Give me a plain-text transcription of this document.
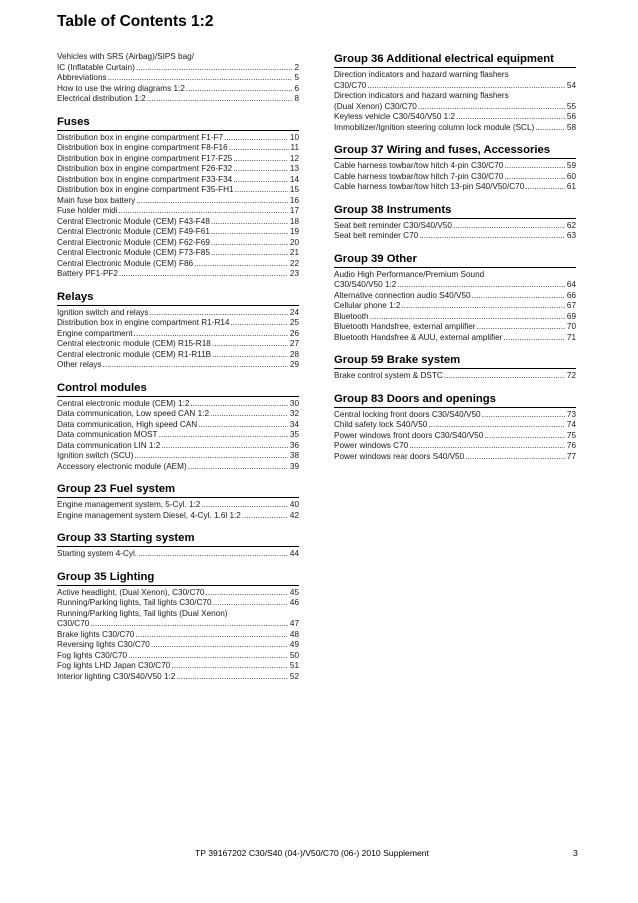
Table of Contents 1:2
Vehicles with SRS (Airbag)/SIPS bag/
IC (Inflatable Curtain) .....	2
Abbreviations .....	5
How to use the wiring diagrams 1:2 .....	6
Electrical distribution 1:2 .....	8
Fuses
Distribution box in engine compartment F1-F7 .....	10
Distribution box in engine compartment F8-F16 .....	11
Distribution box in engine compartment F17-F25 .....	12
Distribution box in engine compartment F26-F32 .....	13
Distribution box in engine compartment F33-F34 .....	14
Distribution box in engine compartment F35-FH1 .....	15
Main fuse box battery .....	16
Fuse holder midi .....	17
Central Electronic Module (CEM) F43-F48 .....	18
Central Electronic Module (CEM) F49-F61 .....	19
Central Electronic Module (CEM) F62-F69 .....	20
Central Electronic Module (CEM) F73-F85 .....	21
Central Electronic Module (CEM) F86 .....	22
Battery PF1-PF2 .....	23
Relays
Ignition switch and relays .....	24
Distribution box in engine compartment R1-R14 .....	25
Engine compartment .....	26
Central electronic module (CEM) R15-R18 .....	27
Central electronic module (CEM) R1-R11B .....	28
Other relays .....	29
Control modules
Central electronic module (CEM) 1:2 .....	30
Data communication, Low speed CAN 1:2 .....	32
Data communication, High speed CAN .....	34
Data communication MOST .....	35
Data communication LIN 1:2 .....	36
Ignition switch (SCU) .....	38
Accessory electronic module (AEM) .....	39
Group 23 Fuel system
Engine management system, 5-Cyl. 1:2 .....	40
Engine management system Diesel, 4-Cyl. 1.6l 1:2 .....	42
Group 33 Starting system
Starting system 4-Cyl. .....	44
Group 35 Lighting
Active headlight, (Dual Xenon), C30/C70 .....	45
Running/Parking lights, Tail lights C30/C70 .....	46
Running/Parking lights, Tail lights (Dual Xenon)
C30/C70 .....	47
Brake lights C30/C70 .....	48
Reversing lights C30/C70 .....	49
Fog lights C30/C70 .....	50
Fog lights LHD Japan C30/C70 .....	51
Interior lighting C30/S40/V50 1:2 .....	52
Group 36 Additional electrical equipment
Direction indicators and hazard warning flashers
C30/C70 .....	54
Direction indicators and hazard warning flashers
(Dual Xenon) C30/C70 .....	55
Keyless vehicle C30/S40/V50 1:2 .....	56
Immobilizer/Ignition steering column lock module (SCL) .....	58
Group 37 Wiring and fuses, Accessories
Cable harness towbar/tow hitch 4-pin C30/C70 .....	59
Cable harness towbar/tow hitch 7-pin C30/C70 .....	60
Cable harness towbar/tow hitch 13-pin S40/V50/C70 .....	61
Group 38 Instruments
Seat belt reminder C30/S40/V50 .....	62
Seat belt reminder C70 .....	63
Group 39 Other
Audio High Performance/Premium Sound
C30/S40/V50 1:2 .....	64
Alternative connection audio S40/V50 .....	66
Cellular phone 1:2 .....	67
Bluetooth .....	69
Bluetooth Handsfree, external amplifier .....	70
Bluetooth Handsfree & AUU, external amplifier .....	71
Group 59 Brake system
Brake control system & DSTC .....	72
Group 83 Doors and openings
Central locking front doors C30/S40/V50 .....	73
Child safety lock S40/V50 .....	74
Power windows front doors C30/S40/V50 .....	75
Power windows C70 .....	76
Power windows rear doors S40/V50 .....	77
TP 39167202 C30/S40 (04-)/V50/C70 (06-) 2010 Supplement	3
